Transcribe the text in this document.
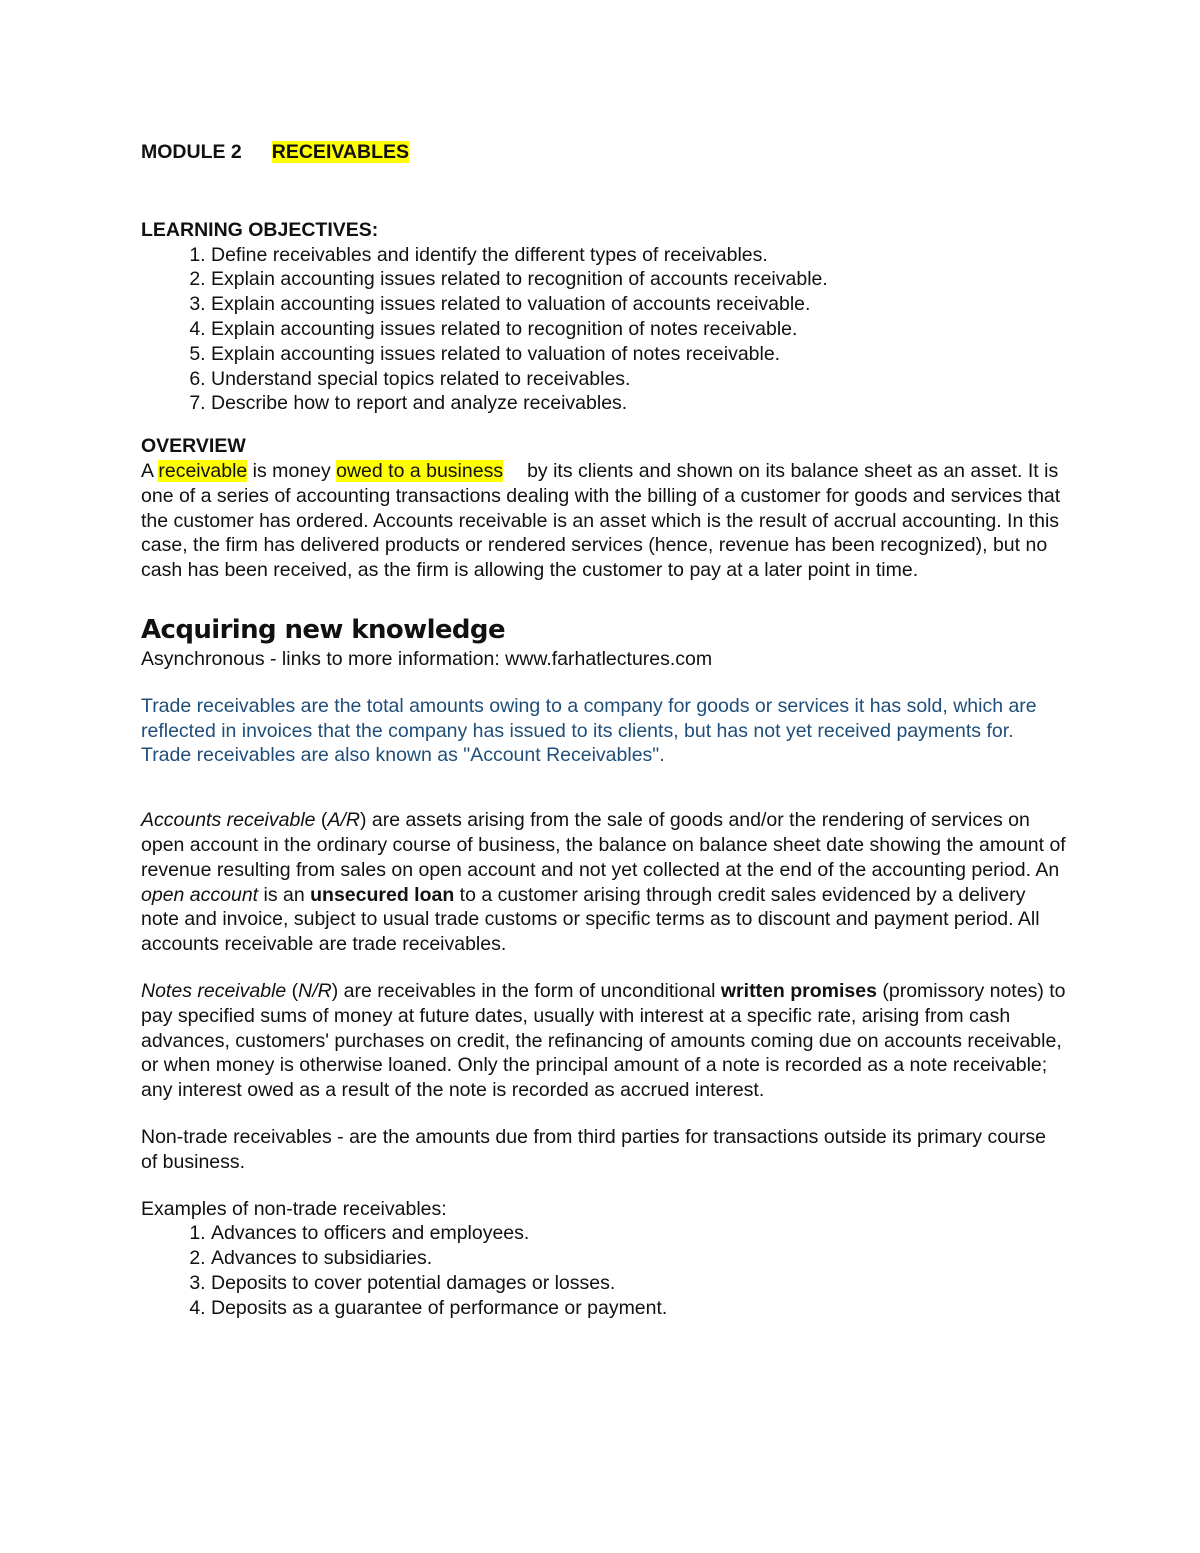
MODULE 2 RECEIVABLES

LEARNING OBJECTIVES:

1. Define receivables and identify the different types of receivables.
2. Explain accounting issues related to recognition of accounts receivable.
3. Explain accounting issues related to valuation of accounts receivable.
4. Explain accounting issues related to recognition of notes receivable.
5. Explain accounting issues related to valuation of notes receivable.
6. Understand special topics related to receivables.
7. Describe how to report and analyze receivables.

OVERVIEW

A receivable is money owed to a business by its clients and shown on its balance sheet as an asset. It is one of a series of accounting transactions dealing with the billing of a customer for goods and services that the customer has ordered. Accounts receivable is an asset which is the result of accrual accounting. In this case, the firm has delivered products or rendered services (hence, revenue has been recognized), but no cash has been received, as the firm is allowing the customer to pay at a later point in time.

Acquiring new knowledge

Asynchronous - links to more information: www.farhatlectures.com

Trade receivables are the total amounts owing to a company for goods or services it has sold, which are reflected in invoices that the company has issued to its clients, but has not yet received payments for. Trade receivables are also known as "Account Receivables".

Accounts receivable (A/R) are assets arising from the sale of goods and/or the rendering of services on open account in the ordinary course of business, the balance on balance sheet date showing the amount of revenue resulting from sales on open account and not yet collected at the end of the accounting period. An open account is an unsecured loan to a customer arising through credit sales evidenced by a delivery note and invoice, subject to usual trade customs or specific terms as to discount and payment period. All accounts receivable are trade receivables.

Notes receivable (N/R) are receivables in the form of unconditional written promises (promissory notes) to pay specified sums of money at future dates, usually with interest at a specific rate, arising from cash advances, customers' purchases on credit, the refinancing of amounts coming due on accounts receivable, or when money is otherwise loaned. Only the principal amount of a note is recorded as a note receivable; any interest owed as a result of the note is recorded as accrued interest.

Non-trade receivables - are the amounts due from third parties for transactions outside its primary course of business.

Examples of non-trade receivables:

1. Advances to officers and employees.
2. Advances to subsidiaries.
3. Deposits to cover potential damages or losses.
4. Deposits as a guarantee of performance or payment.
